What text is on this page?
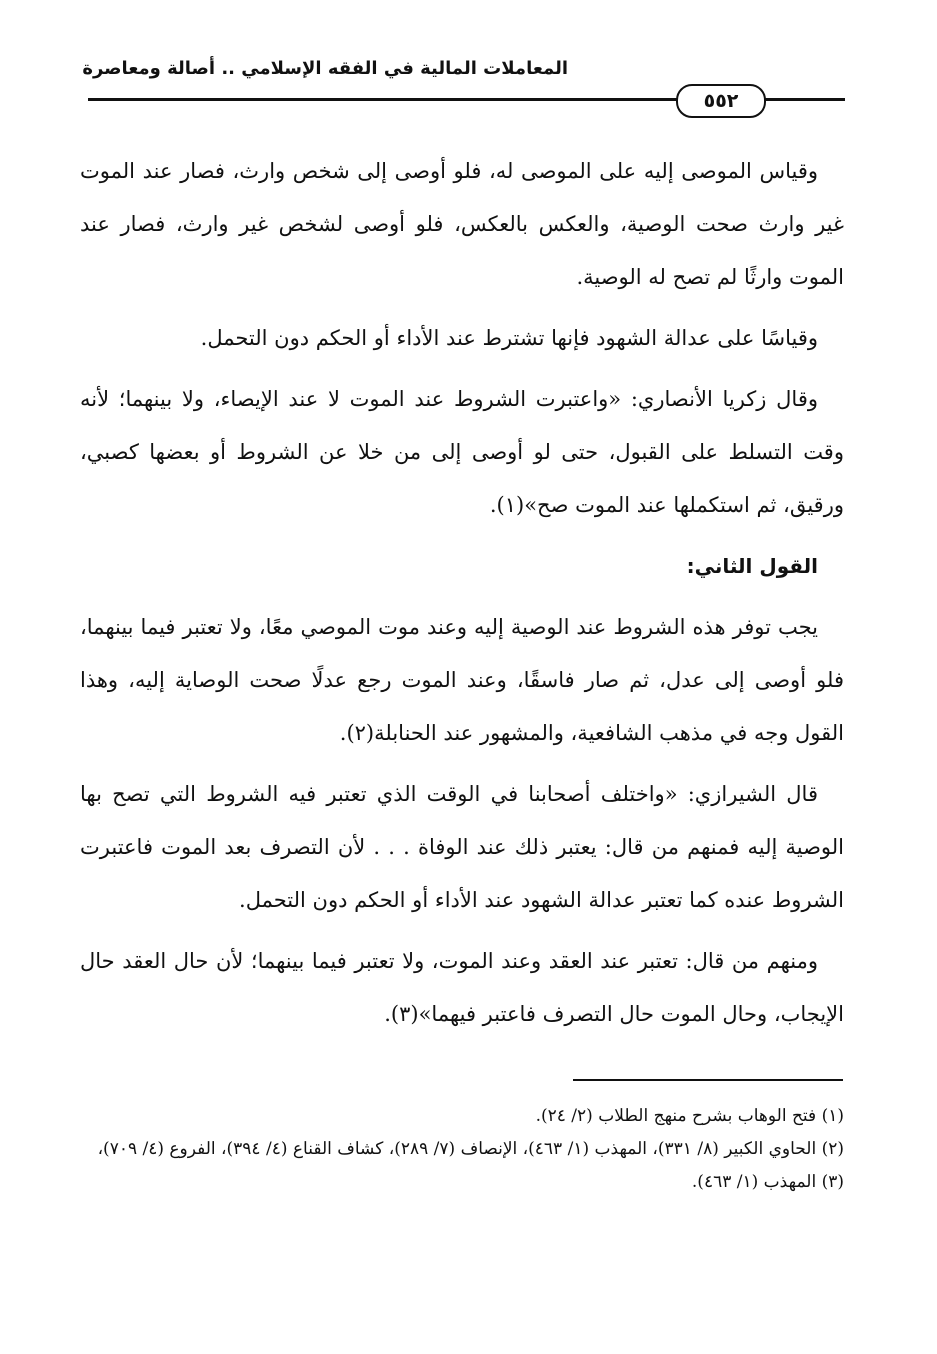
المعاملات المالية في الفقه الإسلامي .. أصالة ومعاصرة
٥٥٢

وقياس الموصى إليه على الموصى له، فلو أوصى إلى شخص وارث، فصار عند الموت غير وارث صحت الوصية، والعكس بالعكس، فلو أوصى لشخص غير وارث، فصار عند الموت وارثًا لم تصح له الوصية.

وقياسًا على عدالة الشهود فإنها تشترط عند الأداء أو الحكم دون التحمل.

وقال زكريا الأنصاري: «واعتبرت الشروط عند الموت لا عند الإيصاء، ولا بينهما؛ لأنه وقت التسلط على القبول، حتى لو أوصى إلى من خلا عن الشروط أو بعضها كصبي، ورقيق، ثم استكملها عند الموت صح»(١).

القول الثاني:

يجب توفر هذه الشروط عند الوصية إليه وعند موت الموصي معًا، ولا تعتبر فيما بينهما، فلو أوصى إلى عدل، ثم صار فاسقًا، وعند الموت رجع عدلًا صحت الوصاية إليه، وهذا القول وجه في مذهب الشافعية، والمشهور عند الحنابلة(٢).

قال الشيرازي: «واختلف أصحابنا في الوقت الذي تعتبر فيه الشروط التي تصح بها الوصية إليه فمنهم من قال: يعتبر ذلك عند الوفاة . . . لأن التصرف بعد الموت فاعتبرت الشروط عنده كما تعتبر عدالة الشهود عند الأداء أو الحكم دون التحمل.

ومنهم من قال: تعتبر عند العقد وعند الموت، ولا تعتبر فيما بينهما؛ لأن حال العقد حال الإيجاب، وحال الموت حال التصرف فاعتبر فيهما»(٣).

(١) فتح الوهاب بشرح منهج الطلاب (٢/ ٢٤).

(٢) الحاوي الكبير (٨/ ٣٣١)، المهذب (١/ ٤٦٣)، الإنصاف (٧/ ٢٨٩)، كشاف القناع (٤/ ٣٩٤)، الفروع (٤/ ٧٠٩)،

(٣) المهذب (١/ ٤٦٣).
